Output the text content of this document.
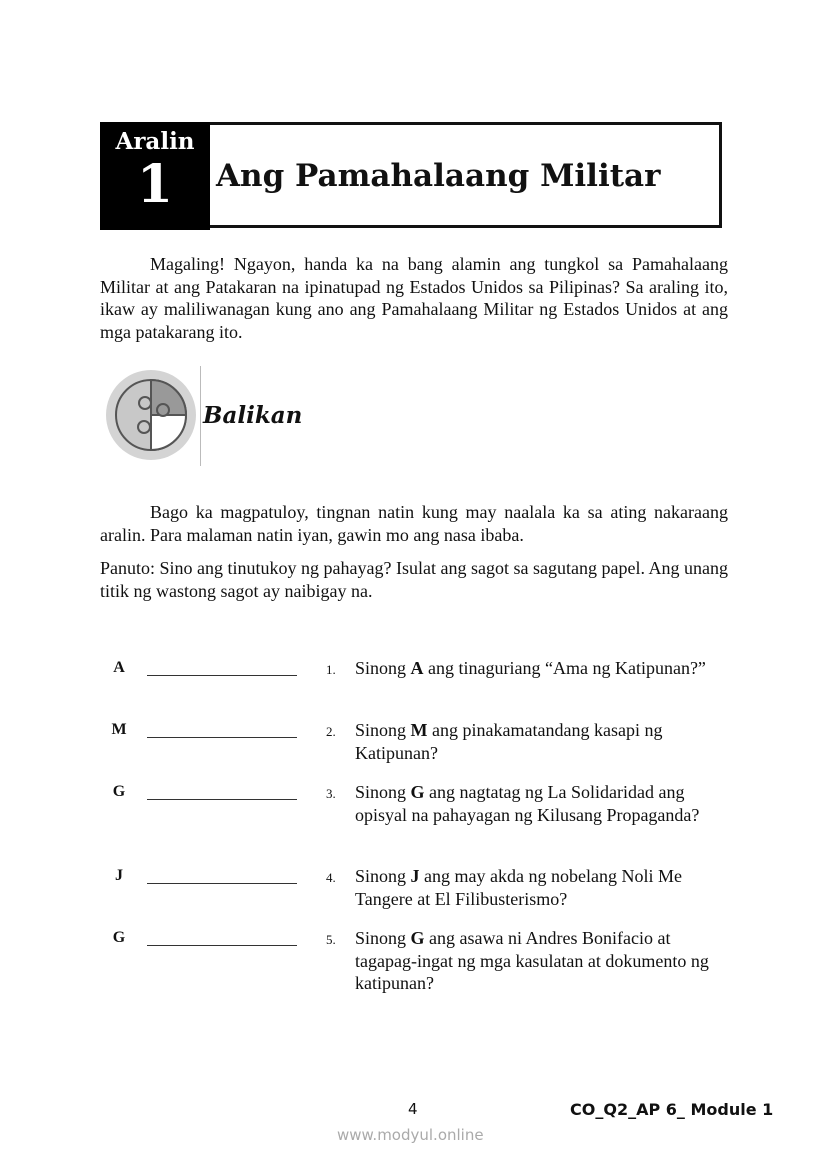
Aralin
1	Ang Pamahalaang Militar
Magaling! Ngayon, handa ka na bang alamin ang tungkol sa Pamahalaang Militar at ang Patakaran na ipinatupad ng Estados Unidos sa Pilipinas? Sa araling ito, ikaw ay maliliwanagan kung ano ang Pamahalaang Militar ng Estados Unidos at ang mga patakarang ito.
Balikan
Bago ka magpatuloy, tingnan natin kung may naalala ka sa ating nakaraang aralin. Para malaman natin iyan, gawin mo ang nasa ibaba.
Panuto: Sino ang tinutukoy ng pahayag? Isulat ang sagot sa sagutang papel. Ang unang titik ng wastong sagot ay naibigay na.
A	1. Sinong A ang tinaguriang “Ama ng Katipunan?”
M	2. Sinong M ang pinakamatandang kasapi ng Katipunan?
G	3. Sinong G ang nagtatag ng La Solidaridad ang opisyal na pahayagan ng Kilusang Propaganda?
J	4. Sinong J ang may akda ng nobelang Noli Me Tangere at El Filibusterismo?
G	5. Sinong G ang asawa ni Andres Bonifacio at tagapag-ingat ng mga kasulatan at dokumento ng katipunan?
4	CO_Q2_AP 6_ Module 1
www.modyul.online
